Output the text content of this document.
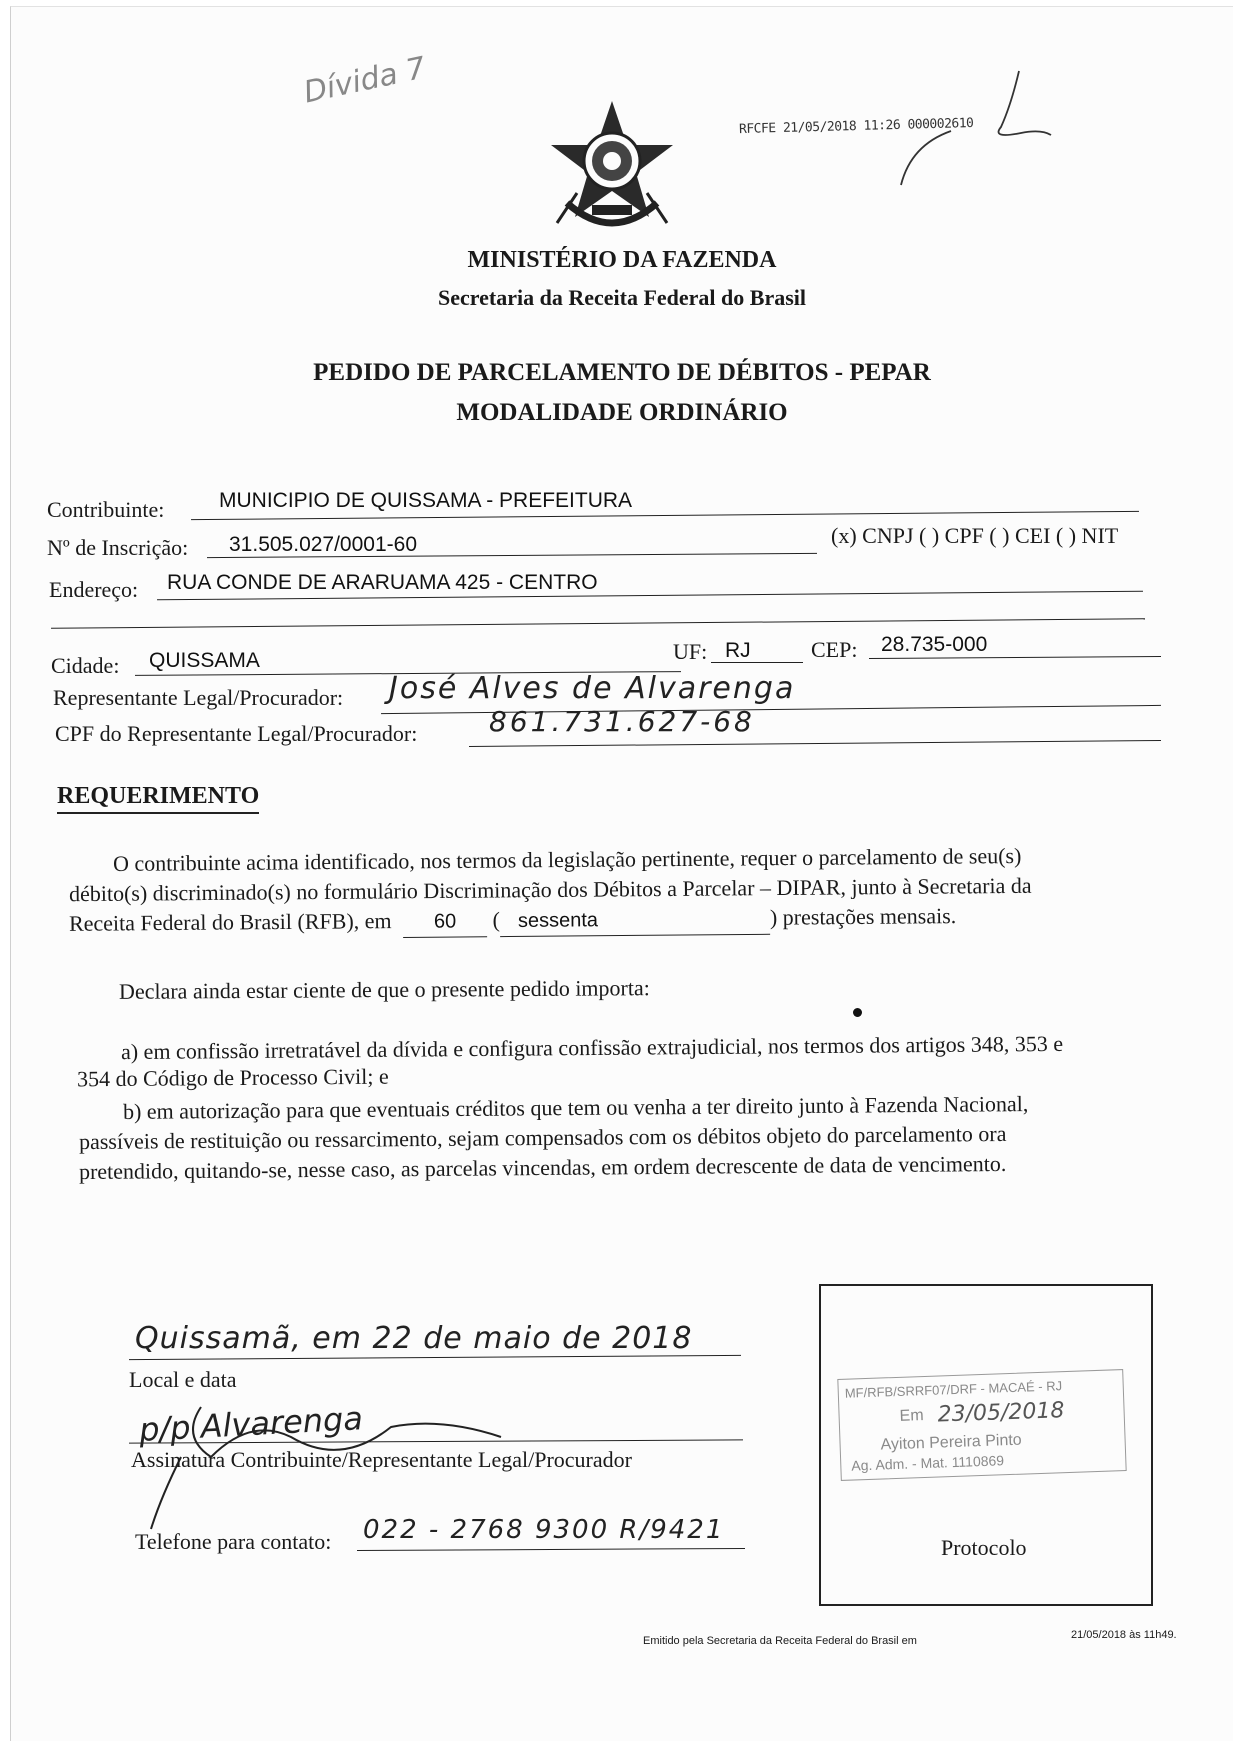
Dívida 7
RFCFE 21/05/2018 11:26 000002610
MINISTÉRIO DA FAZENDA
Secretaria da Receita Federal do Brasil
PEDIDO DE PARCELAMENTO DE DÉBITOS - PEPAR
MODALIDADE ORDINÁRIO
Contribuinte:	MUNICIPIO DE QUISSAMA - PREFEITURA
Nº de Inscrição: 31.505.027/0001-60	(x) CNPJ ( ) CPF ( ) CEI ( ) NIT
Endereço: RUA CONDE DE ARARUAMA 425 - CENTRO
Cidade: QUISSAMA	UF: RJ	CEP: 28.735-000
Representante Legal/Procurador: José Alves de Alvarenga
CPF do Representante Legal/Procurador:	861.731.627-68
REQUERIMENTO
O contribuinte acima identificado, nos termos da legislação pertinente, requer o parcelamento de seu(s)
débito(s) discriminado(s) no formulário Discriminação dos Débitos a Parcelar – DIPAR, junto à Secretaria da
Receita Federal do Brasil (RFB), em 60 ( sessenta	) prestações mensais.
Declara ainda estar ciente de que o presente pedido importa:
a) em confissão irretratável da dívida e configura confissão extrajudicial, nos termos dos artigos 348, 353 e
354 do Código de Processo Civil; e
b) em autorização para que eventuais créditos que tem ou venha a ter direito junto à Fazenda Nacional,
passíveis de restituição ou ressarcimento, sejam compensados com os débitos objeto do parcelamento ora
pretendido, quitando-se, nesse caso, as parcelas vincendas, em ordem decrescente de data de vencimento.
Quissamã, em 22 de maio de 2018
Local e data
p/p Alvarenga
Assinatura Contribuinte/Representante Legal/Procurador
Telefone para contato: 022 - 2768 9300 R/9421
MF/RFB/SRRF07/DRF - MACAÉ - RJ
Em 23/05/2018
Ayiton Pereira Pinto
Ag. Adm. - Mat. 1110869
Protocolo
Emitido pela Secretaria da Receita Federal do Brasil em	21/05/2018 às 11h49.
